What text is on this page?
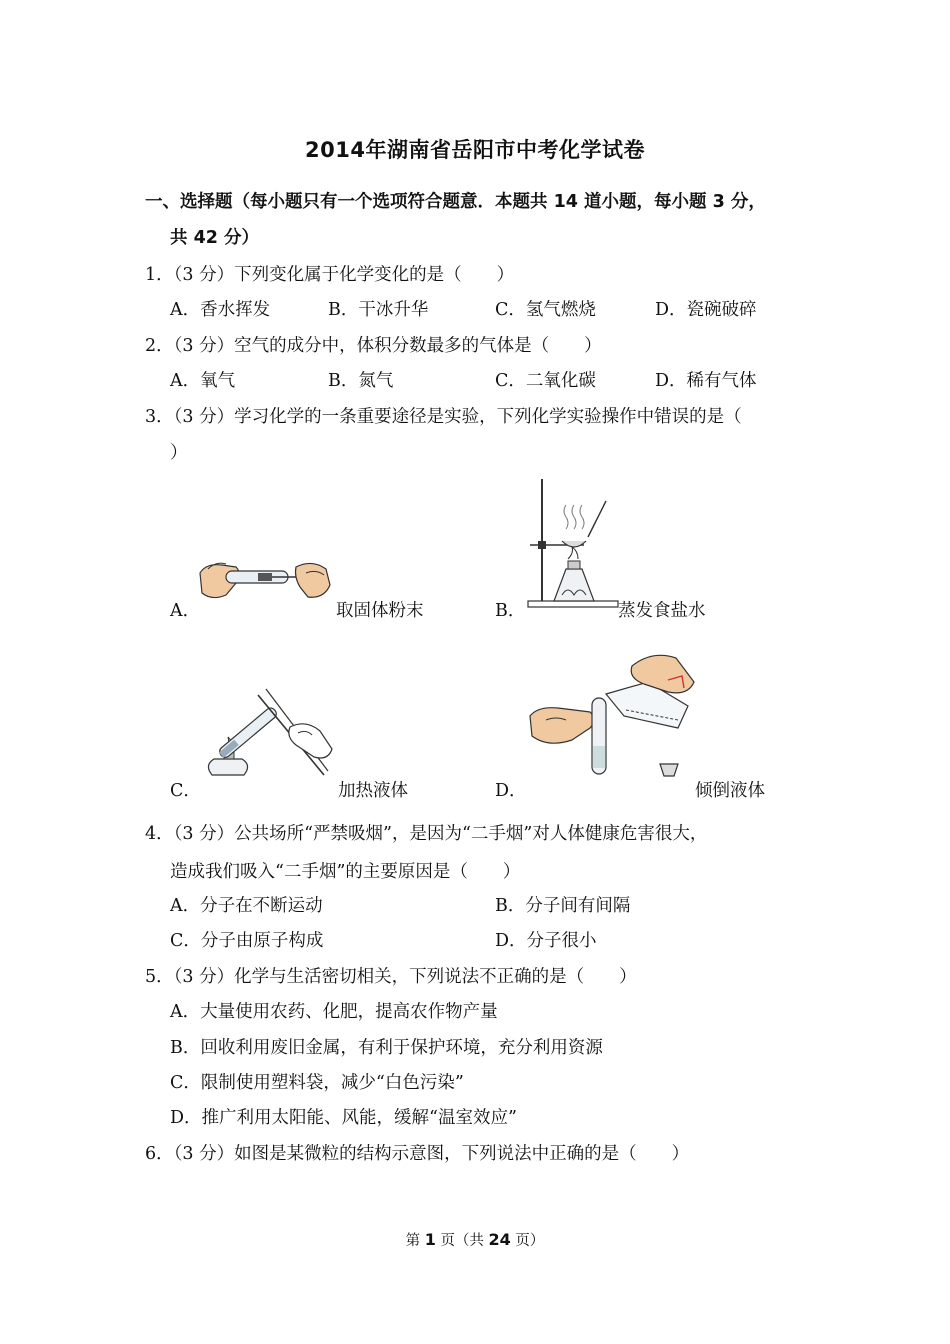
2014年湖南省岳阳市中考化学试卷
一、选择题（每小题只有一个选项符合题意．本题共 14 道小题，每小题 3 分，
共 42 分）
1．（3 分）下列变化属于化学变化的是（　　）
A．香水挥发	B．干冰升华	C．氢气燃烧	D．瓷碗破碎
2．（3 分）空气的成分中，体积分数最多的气体是（　　）
A．氧气	B．氮气	C．二氧化碳	D．稀有气体
3．（3 分）学习化学的一条重要途径是实验，下列化学实验操作中错误的是（
）
A．	取固体粉末	B．	蒸发食盐水
C．	加热液体	D．	倾倒液体
4．（3 分）公共场所“严禁吸烟”，是因为“二手烟”对人体健康危害很大，
造成我们吸入“二手烟”的主要原因是（　　）
A．分子在不断运动	B．分子间有间隔
C．分子由原子构成	D．分子很小
5．（3 分）化学与生活密切相关，下列说法不正确的是（　　）
A．大量使用农药、化肥，提高农作物产量
B．回收利用废旧金属，有利于保护环境，充分利用资源
C．限制使用塑料袋，减少“白色污染”
D．推广利用太阳能、风能，缓解“温室效应”
6．（3 分）如图是某微粒的结构示意图，下列说法中正确的是（　　）
第 1 页（共 24 页）
